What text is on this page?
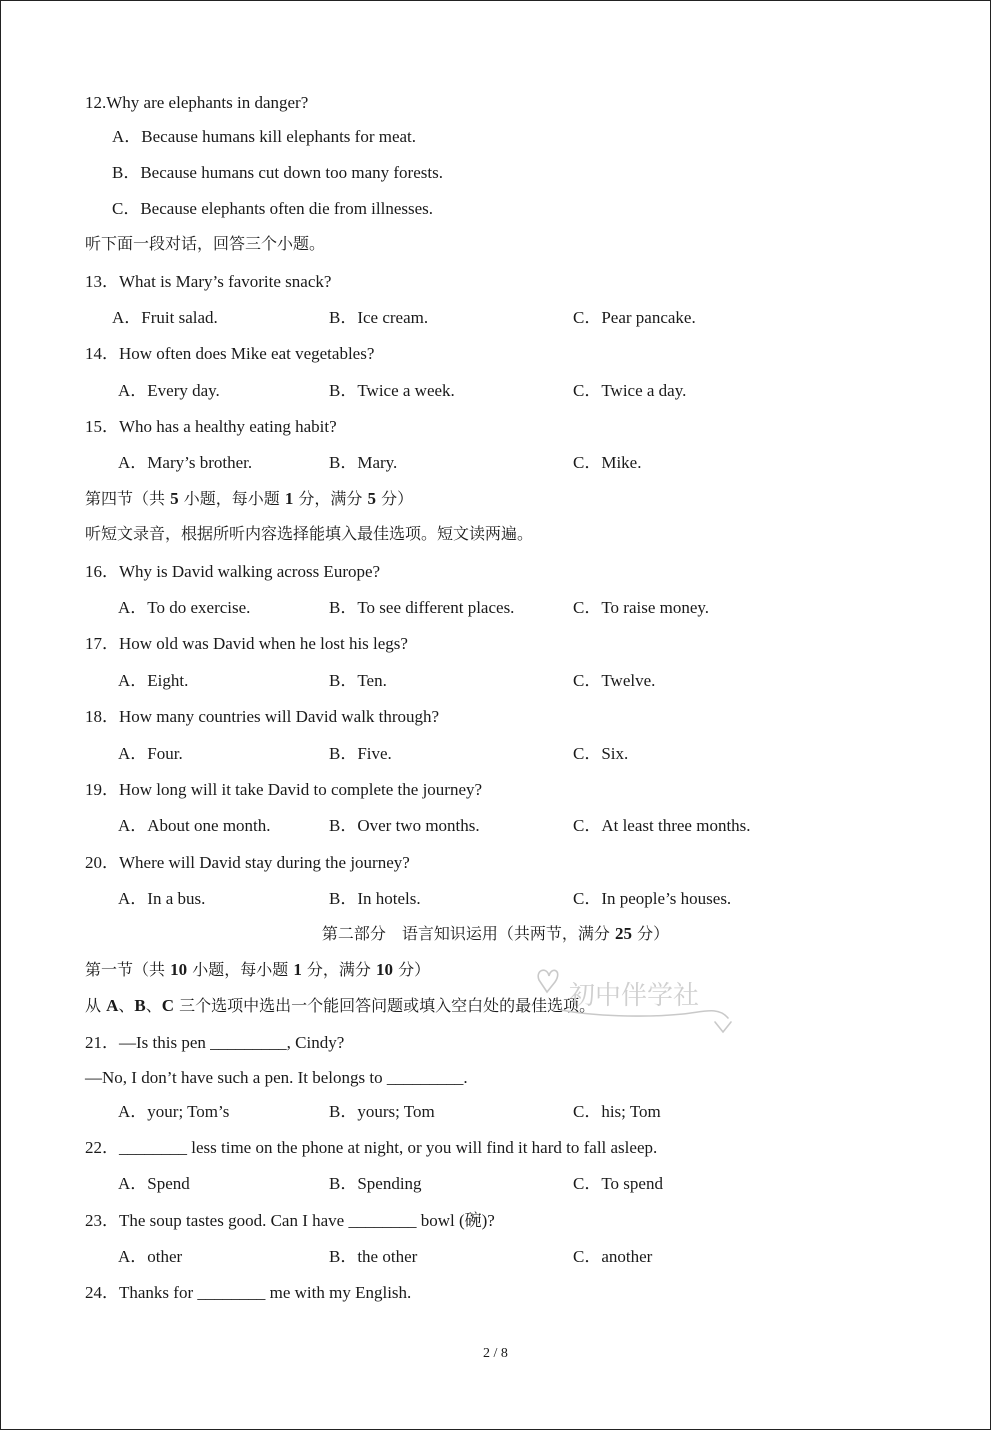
12.Why are elephants in danger?
A．Because humans kill elephants for meat.
B．Because humans cut down too many forests.
C．Because elephants often die from illnesses.
听下面一段对话，回答三个小题。
13．What is Mary’s favorite snack?
A．Fruit salad.	B．Ice cream.	C．Pear pancake.
14．How often does Mike eat vegetables?
A．Every day.	B．Twice a week.	C．Twice a day.
15．Who has a healthy eating habit?
A．Mary’s brother.	B．Mary.	C．Mike.
第四节（共 5 小题，每小题 1 分，满分 5 分）
听短文录音，根据所听内容选择能填入最佳选项。短文读两遍。
16．Why is David walking across Europe?
A．To do exercise.	B．To see different places.	C．To raise money.
17．How old was David when he lost his legs?
A．Eight.	B．Ten.	C．Twelve.
18．How many countries will David walk through?
A．Four.	B．Five.	C．Six.
19．How long will it take David to complete the journey?
A．About one month.	B．Over two months.	C．At least three months.
20．Where will David stay during the journey?
A．In a bus.	B．In hotels.	C．In people’s houses.
第二部分　语言知识运用（共两节，满分 25 分）
第一节（共 10 小题，每小题 1 分，满分 10 分）
从 A、B、C 三个选项中选出一个能回答问题或填入空白处的最佳选项。
21．—Is this pen _________, Cindy?
—No, I don’t have such a pen. It belongs to _________.
A．your; Tom’s	B．yours; Tom	C．his; Tom
22．________ less time on the phone at night, or you will find it hard to fall asleep.
A．Spend	B．Spending	C．To spend
23．The soup tastes good. Can I have ________ bowl (碗)?
A．other	B．the other	C．another
24．Thanks for ________ me with my English.
2 / 8
初中伴学社
